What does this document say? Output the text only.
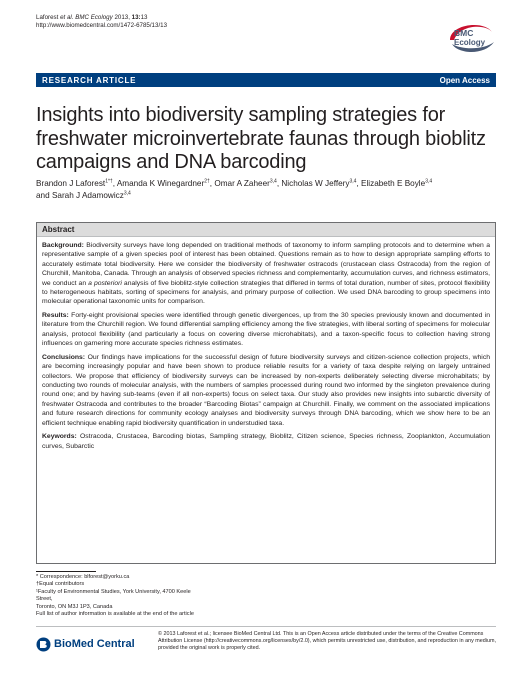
Laforest et al. BMC Ecology 2013, 13:13
http://www.biomedcentral.com/1472-6785/13/13
BMC
Ecology
RESEARCH ARTICLE	Open Access
Insights into biodiversity sampling strategies for freshwater microinvertebrate faunas through bioblitz campaigns and DNA barcoding
Brandon J Laforest$^{1*\dagger}$, Amanda K Winegardner$^{2\dagger}$, Omar A Zaheer$^{3,4}$, Nicholas W Jeffery$^{3,4}$, Elizabeth E Boyle$^{3,4}$
and Sarah J Adamowicz$^{3,4}$
Abstract

Background: Biodiversity surveys have long depended on traditional methods of taxonomy to inform sampling protocols and to determine when a representative sample of a given species pool of interest has been obtained. Questions remain as to how to design appropriate sampling efforts to accurately estimate total biodiversity. Here we consider the biodiversity of freshwater ostracods (crustacean class Ostracoda) from the region of Churchill, Manitoba, Canada. Through an analysis of observed species richness and complementarity, accumulation curves, and richness estimators, we conduct an a posteriori analysis of five bioblitz-style collection strategies that differed in terms of total duration, number of sites, protocol flexibility to heterogeneous habitats, sorting of specimens for analysis, and primary purpose of collection. We used DNA barcoding to group specimens into molecular operational taxonomic units for comparison.

Results: Forty-eight provisional species were identified through genetic divergences, up from the 30 species previously known and documented in literature from the Churchill region. We found differential sampling efficiency among the five strategies, with liberal sorting of specimens for molecular analysis, protocol flexibility (and particularly a focus on covering diverse microhabitats), and a taxon-specific focus to collection having strong influences on garnering more accurate species richness estimates.

Conclusions: Our findings have implications for the successful design of future biodiversity surveys and citizen-science collection projects, which are becoming increasingly popular and have been shown to produce reliable results for a variety of taxa despite relying on largely untrained collectors. We propose that efficiency of biodiversity surveys can be increased by non-experts deliberately selecting diverse microhabitats; by conducting two rounds of molecular analysis, with the numbers of samples processed during round two informed by the singleton prevalence during round one; and by having sub-teams (even if all non-experts) focus on select taxa. Our study also provides new insights into subarctic diversity of freshwater Ostracoda and contributes to the broader “Barcoding Biotas” campaign at Churchill. Finally, we comment on the associated implications and future research directions for community ecology analyses and biodiversity surveys through DNA barcoding, which we show here to be an efficient technique enabling rapid biodiversity quantification in understudied taxa.

Keywords: Ostracoda, Crustacea, Barcoding biotas, Sampling strategy, Bioblitz, Citizen science, Species richness, Zooplankton, Accumulation curves, Subarctic

* Correspondence: blforest@yorku.ca
†Equal contributors
¹Faculty of Environmental Studies, York University, 4700 Keele Street,
Toronto, ON M3J 1P3, Canada
Full list of author information is available at the end of the article
BioMed Central
© 2013 Laforest et al.; licensee BioMed Central Ltd. This is an Open Access article distributed under the terms of the Creative Commons Attribution License (http://creativecommons.org/licenses/by/2.0), which permits unrestricted use, distribution, and reproduction in any medium, provided the original work is properly cited.
